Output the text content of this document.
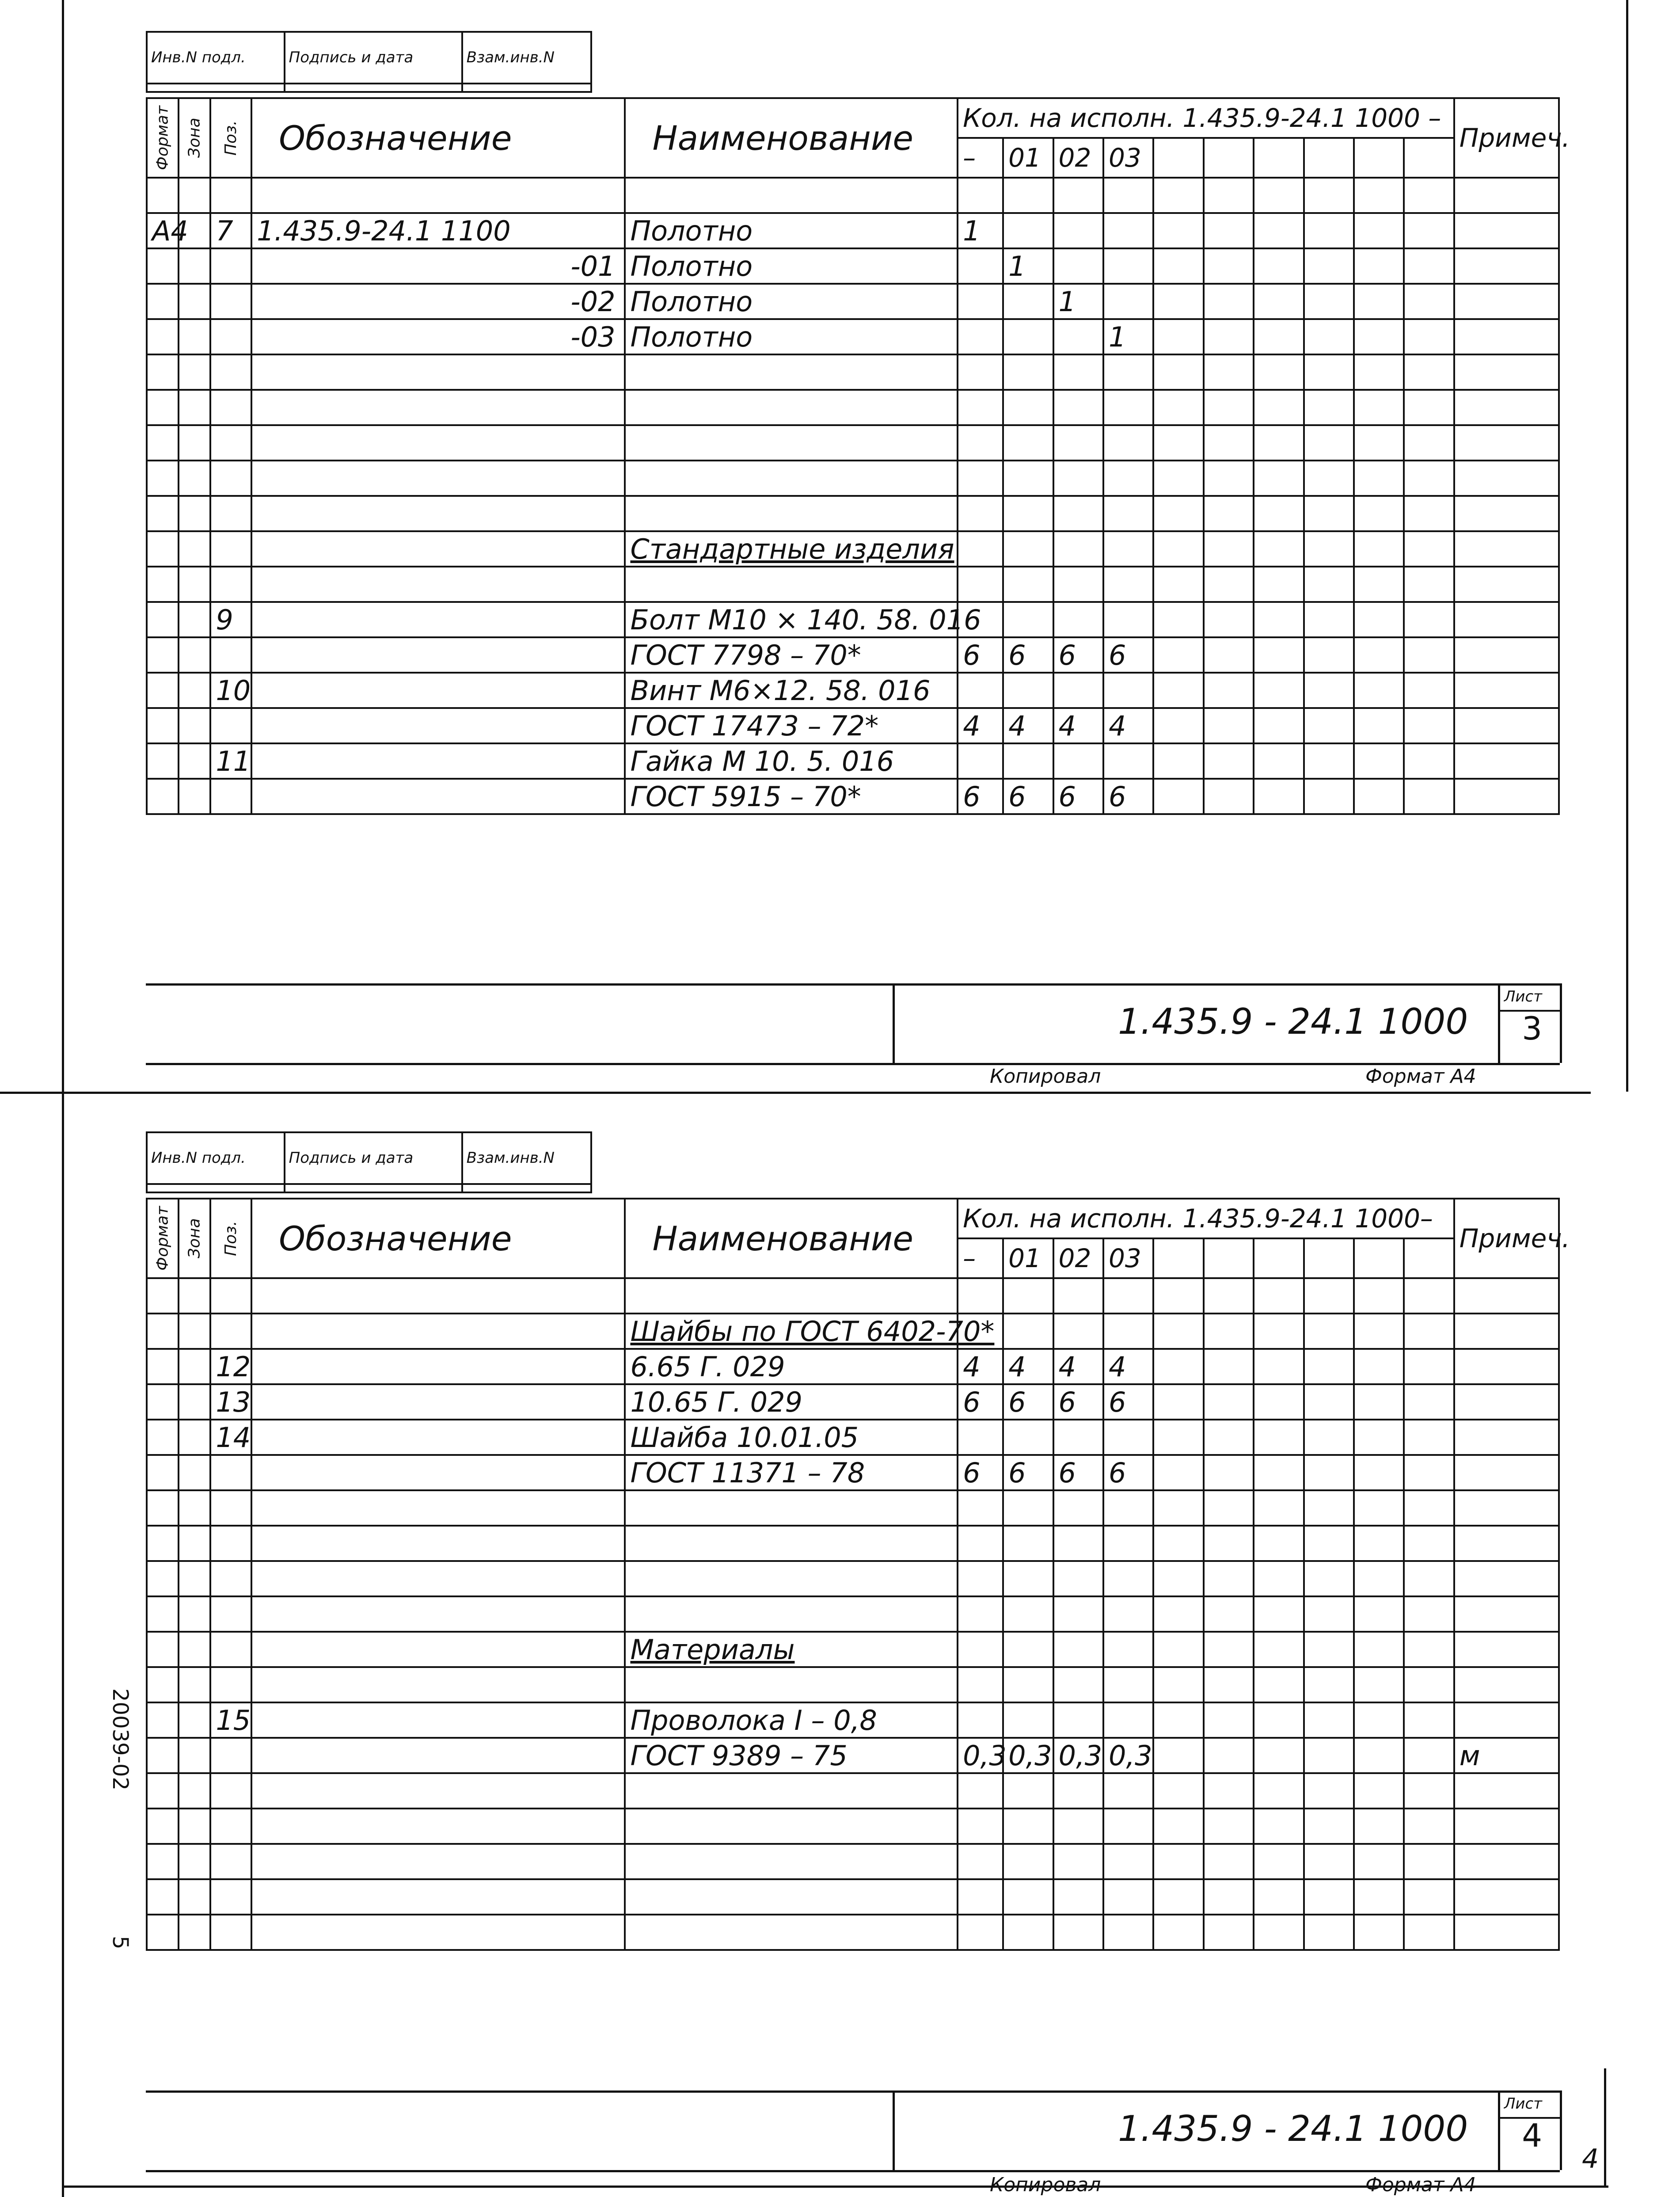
20039-02
5
4
Инв.N подл.	Подпись и дата	Взам.инв.N

Формат	Зона	Поз.	Обозначение	Наименование	Кол. на исполн. 1.435.9-24.1 1000 –										Примеч.
					–	01	02	03							

А4		7	1.435.9-24.1 1100	Полотно	1										
			-01	Полотно		1									
			-02	Полотно			1								
			-03	Полотно				1							

				Стандартные изделия											

		9		Болт М10 × 140. 58. 016											
				ГОСТ 7798 – 70*	6	6	6	6							
		10		Винт М6×12. 58. 016											
				ГОСТ 17473 – 72*	4	4	4	4							
		11		Гайка М 10. 5. 016											
				ГОСТ 5915 – 70*	6	6	6	6							
1.435.9 - 24.1 1000
Лист
3
Копировал	Формат А4
Инв.N подл.	Подпись и дата	Взам.инв.N

Формат	Зона	Поз.	Обозначение	Наименование	Кол. на исполн. 1.435.9-24.1 1000–										Примеч.
					–	01	02	03							

				Шайбы по ГОСТ 6402-70*											
		12		6.65 Г. 029	4	4	4	4							
		13		10.65 Г. 029	6	6	6	6							
		14		Шайба 10.01.05											
				ГОСТ 11371 – 78	6	6	6	6							

				Материалы											

		15		Проволока I – 0,8											
				ГОСТ 9389 – 75	0,3	0,3	0,3	0,3							м

1.435.9 - 24.1 1000
Лист
4
Копировал	Формат А4
